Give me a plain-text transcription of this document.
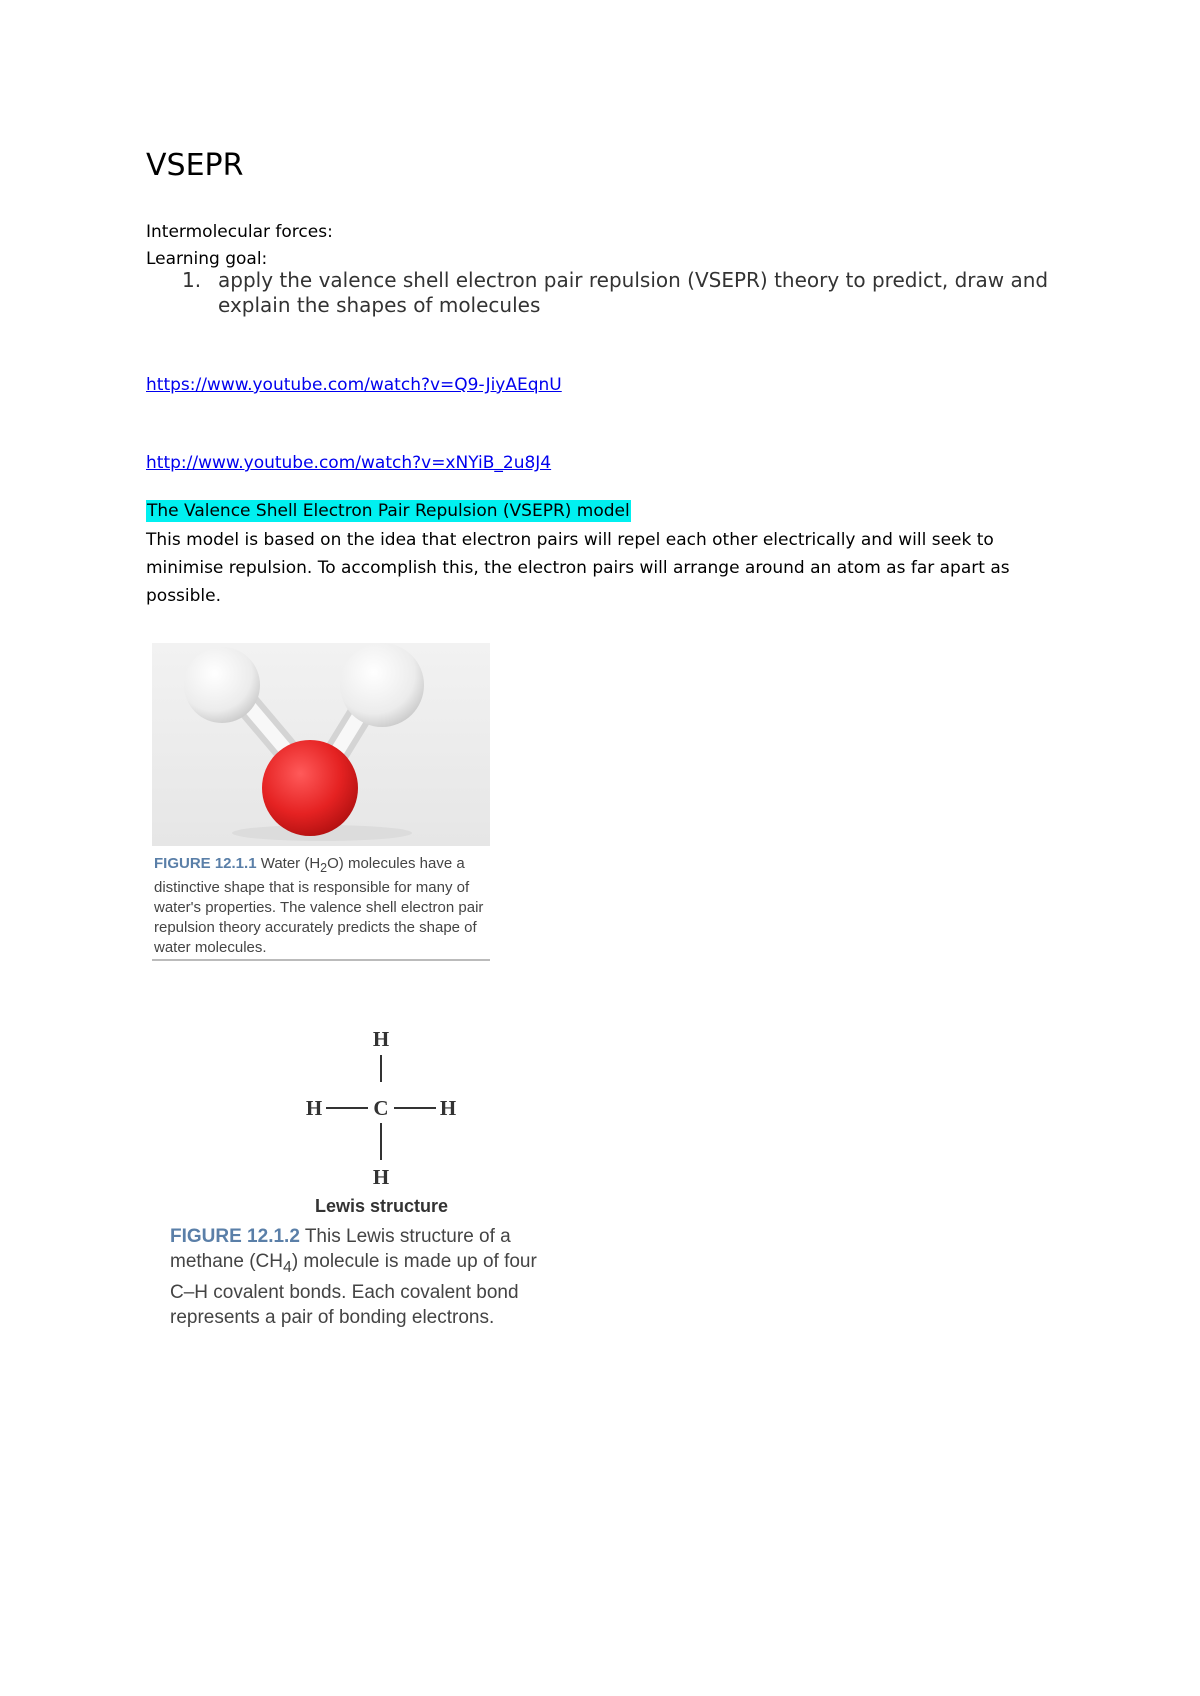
VSEPR
Intermolecular forces:
Learning goal:
1. apply the valence shell electron pair repulsion (VSEPR) theory to predict, draw and explain the shapes of molecules
https://www.youtube.com/watch?v=Q9-JiyAEqnU
http://www.youtube.com/watch?v=xNYiB_2u8J4
The Valence Shell Electron Pair Repulsion (VSEPR) model
This model is based on the idea that electron pairs will repel each other electrically and will seek to minimise repulsion. To accomplish this, the electron pairs will arrange around an atom as far apart as possible.
FIGURE 12.1.1 Water $(H_2O)$ molecules have a distinctive shape that is responsible for many of water's properties. The valence shell electron pair repulsion theory accurately predicts the shape of water molecules.
H
H C H
H
Lewis structure
FIGURE 12.1.2 This Lewis structure of a methane $(CH_4)$ molecule is made up of four C–H covalent bonds. Each covalent bond represents a pair of bonding electrons.
